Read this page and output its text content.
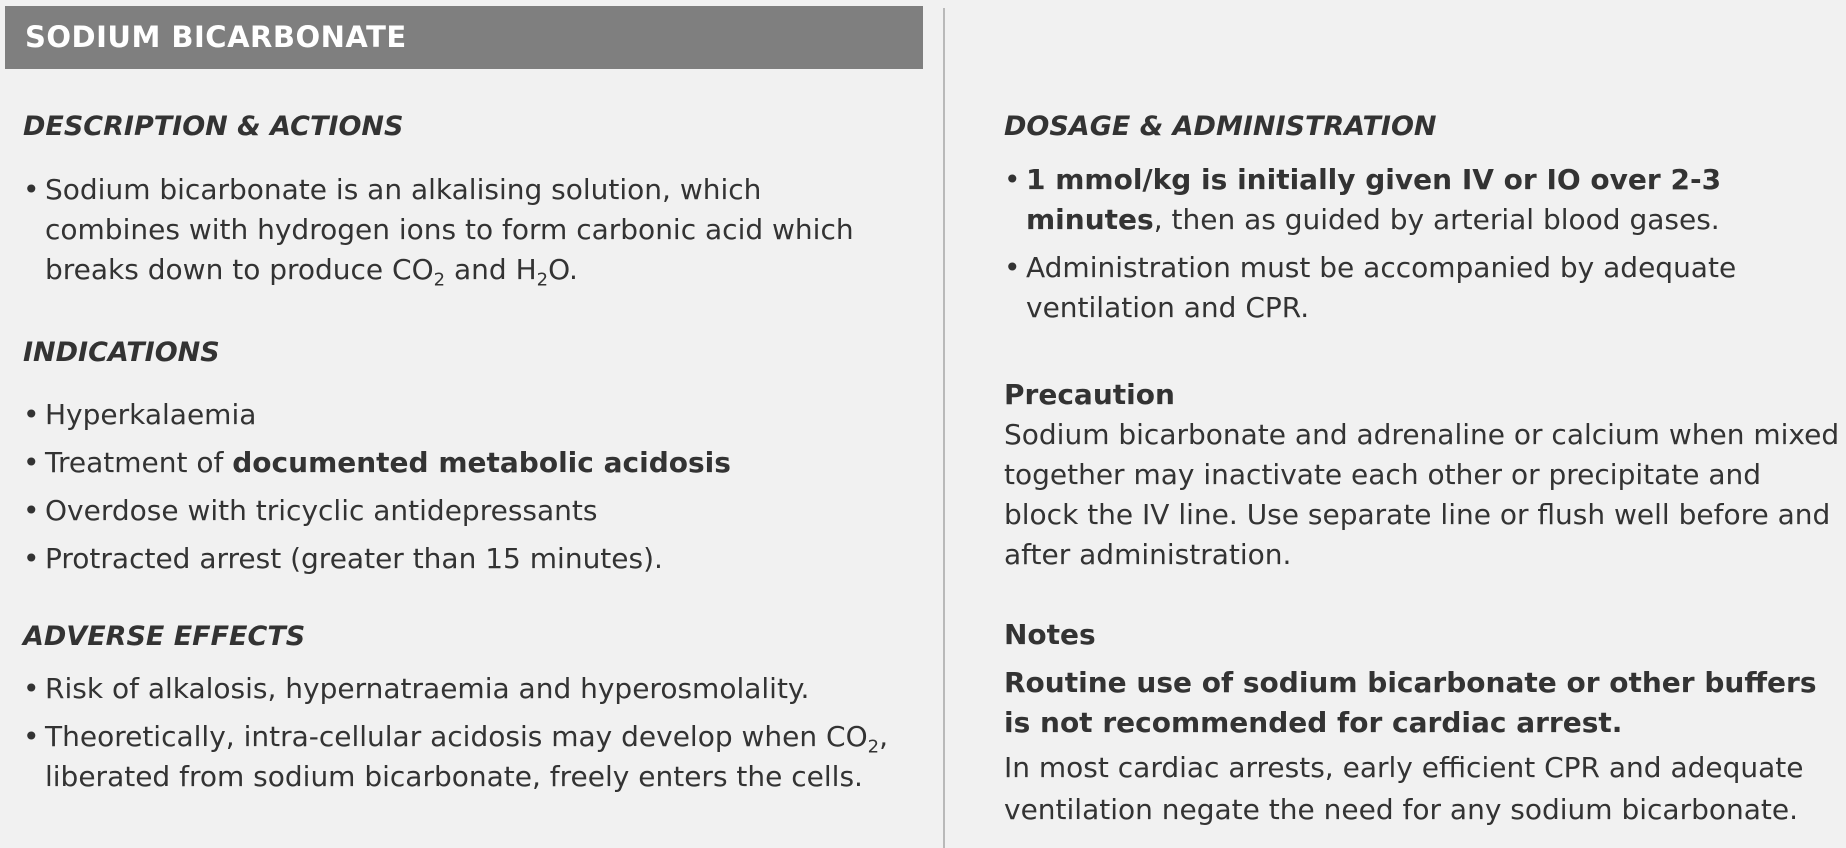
SODIUM BICARBONATE
DESCRIPTION & ACTIONS
• Sodium bicarbonate is an alkalising solution, which combines with hydrogen ions to form carbonic acid which breaks down to produce $CO_2$ and $H_2O$.
INDICATIONS
• Hyperkalaemia
• Treatment of documented metabolic acidosis
• Overdose with tricyclic antidepressants
• Protracted arrest (greater than 15 minutes).
ADVERSE EFFECTS
• Risk of alkalosis, hypernatraemia and hyperosmolality.
• Theoretically, intra-cellular acidosis may develop when $CO_2$, liberated from sodium bicarbonate, freely enters the cells.
DOSAGE & ADMINISTRATION
• 1 mmol/kg is initially given IV or IO over 2-3 minutes, then as guided by arterial blood gases.
• Administration must be accompanied by adequate ventilation and CPR.
Precaution

Sodium bicarbonate and adrenaline or calcium when mixed together may inactivate each other or precipitate and block the IV line. Use separate line or flush well before and after administration.

Notes

Routine use of sodium bicarbonate or other buffers is not recommended for cardiac arrest.

In most cardiac arrests, early efficient CPR and adequate ventilation negate the need for any sodium bicarbonate.
